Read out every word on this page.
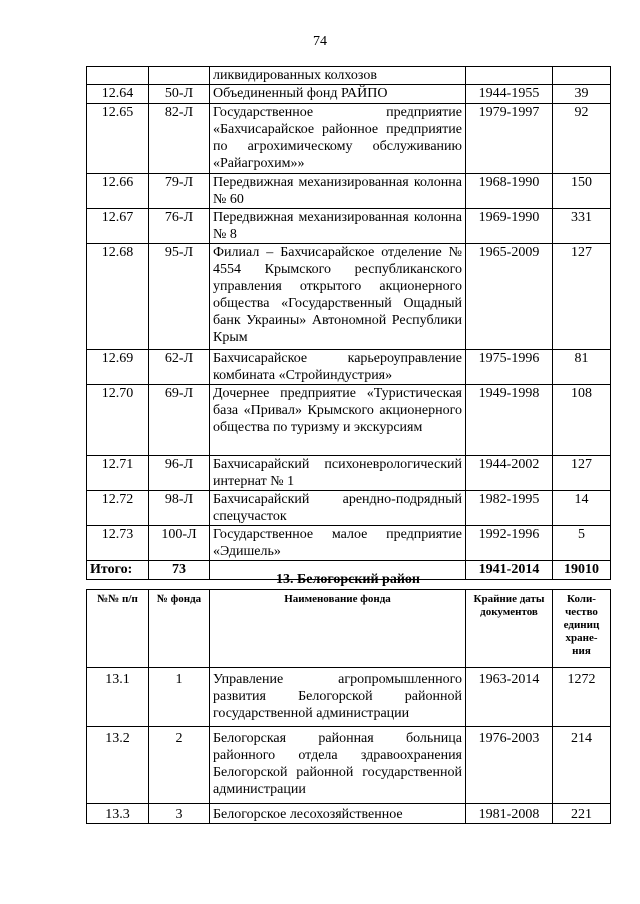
74
		ликвидированных колхозов		
12.64	50-Л	Объединенный фонд РАЙПО	1944-1955	39
12.65	82-Л	Государственное предприятие «Бахчисарайское районное предприятие по агрохимическому обслуживанию «Райагрохим»»	1979-1997	92
12.66	79-Л	Передвижная механизированная колонна № 60	1968-1990	150
12.67	76-Л	Передвижная механизированная колонна № 8	1969-1990	331
12.68	95-Л	Филиал – Бахчисарайское отделение № 4554 Крымского республиканского управления открытого акционерного общества «Государственный Ощадный банк Украины» Автономной Республики Крым	1965-2009	127
12.69	62-Л	Бахчисарайское карьероуправление комбината «Стройиндустрия»	1975-1996	81
12.70	69-Л	Дочернее предприятие «Туристическая база «Привал» Крымского акционерного общества по туризму и экскурсиям	1949-1998	108
12.71	96-Л	Бахчисарайский психоневрологический интернат № 1	1944-2002	127
12.72	98-Л	Бахчисарайский арендно-подрядный спецучасток	1982-1995	14
12.73	100-Л	Государственное малое предприятие «Эдишель»	1992-1996	5
Итого:	73		1941-2014	19010
13. Белогорский район
№№ п/п	№ фонда	Наименование фонда	Крайние даты документов	Коли- чество единиц хране- ния
13.1	1	Управление агропромышленного развития Белогорской районной государственной администрации	1963-2014	1272
13.2	2	Белогорская районная больница районного отдела здравоохранения Белогорской районной государственной администрации	1976-2003	214
13.3	3	Белогорское лесохозяйственное	1981-2008	221
